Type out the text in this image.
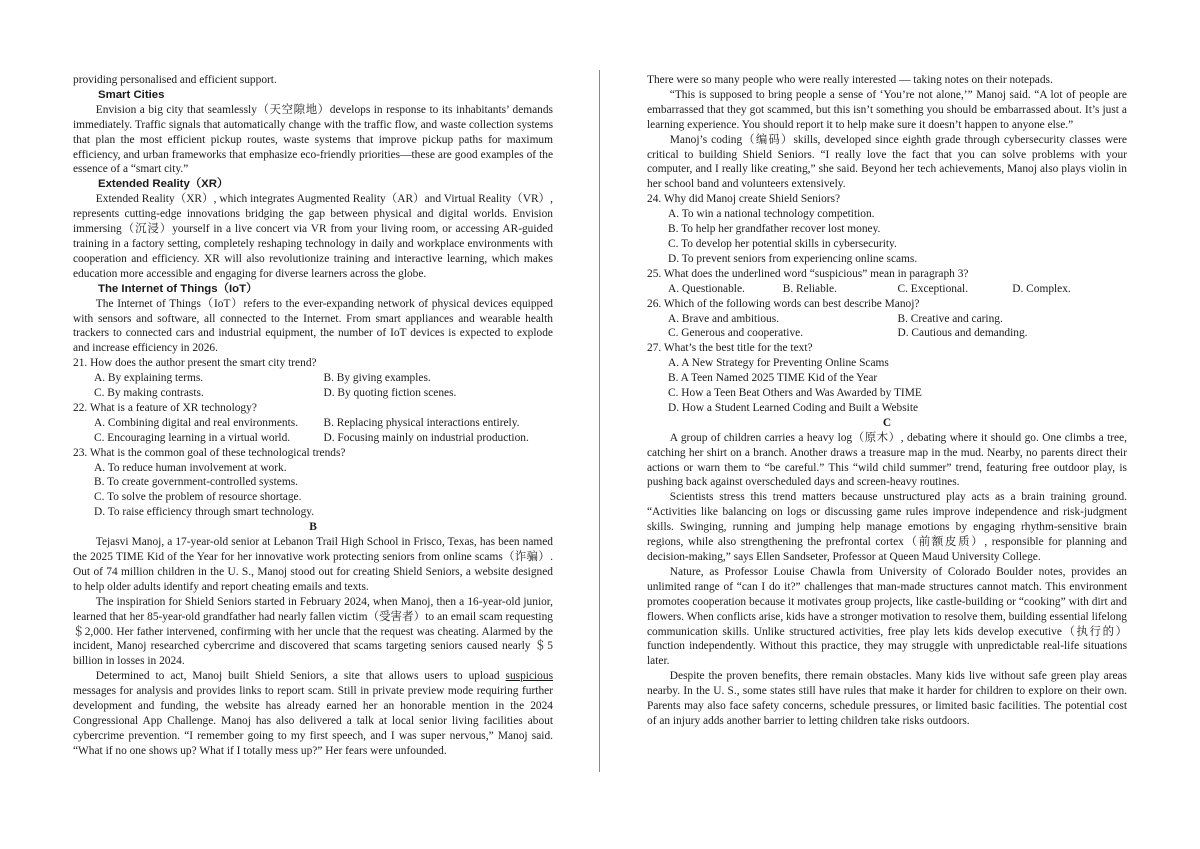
providing personalised and efficient support.

Smart Cities

Envision a big city that seamlessly（天空隙地）develops in response to its inhabitants’ demands immediately. Traffic signals that automatically change with the traffic flow, and waste collection systems that plan the most efficient pickup routes, waste systems that improve pickup paths for maximum efficiency, and urban frameworks that emphasize eco-friendly priorities—these are good examples of the essence of a “smart city.”

Extended Reality（XR）

Extended Reality（XR）, which integrates Augmented Reality（AR）and Virtual Reality（VR）, represents cutting-edge innovations bridging the gap between physical and digital worlds. Envision immersing（沉浸）yourself in a live concert via VR from your living room, or accessing AR-guided training in a factory setting, completely reshaping technology in daily and workplace environments with cooperation and efficiency. XR will also revolutionize training and interactive learning, which makes education more accessible and engaging for diverse learners across the globe.

The Internet of Things（IoT）

The Internet of Things（IoT）refers to the ever-expanding network of physical devices equipped with sensors and software, all connected to the Internet. From smart appliances and wearable health trackers to connected cars and industrial equipment, the number of IoT devices is expected to explode and increase efficiency in 2026.

21. How does the author present the smart city trend?

A. By explaining terms.	B. By giving examples.
C. By making contrasts.	D. By quoting fiction scenes.

22. What is a feature of XR technology?

A. Combining digital and real environments.	B. Replacing physical interactions entirely.
C. Encouraging learning in a virtual world.	D. Focusing mainly on industrial production.

23. What is the common goal of these technological trends?

A. To reduce human involvement at work.

B. To create government-controlled systems.

C. To solve the problem of resource shortage.

D. To raise efficiency through smart technology.

B

Tejasvi Manoj, a 17-year-old senior at Lebanon Trail High School in Frisco, Texas, has been named the 2025 TIME Kid of the Year for her innovative work protecting seniors from online scams（诈骗）. Out of 74 million children in the U. S., Manoj stood out for creating Shield Seniors, a website designed to help older adults identify and report cheating emails and texts.

The inspiration for Shield Seniors started in February 2024, when Manoj, then a 16-year-old junior, learned that her 85-year-old grandfather had nearly fallen victim（受害者）to an email scam requesting ＄2,000. Her father intervened, confirming with her uncle that the request was cheating. Alarmed by the incident, Manoj researched cybercrime and discovered that scams targeting seniors caused nearly ＄5 billion in losses in 2024.

Determined to act, Manoj built Shield Seniors, a site that allows users to upload suspicious messages for analysis and provides links to report scam. Still in private preview mode requiring further development and funding, the website has already earned her an honorable mention in the 2024 Congressional App Challenge. Manoj has also delivered a talk at local senior living facilities about cybercrime prevention. “I remember going to my first speech, and I was super nervous,” Manoj said. “What if no one shows up? What if I totally mess up?” Her fears were unfounded.

There were so many people who were really interested — taking notes on their notepads.

“This is supposed to bring people a sense of ‘You’re not alone,’” Manoj said. “A lot of people are embarrassed that they got scammed, but this isn’t something you should be embarrassed about. It’s just a learning experience. You should report it to help make sure it doesn’t happen to anyone else.”

Manoj’s coding（编码）skills, developed since eighth grade through cybersecurity classes were critical to building Shield Seniors. “I really love the fact that you can solve problems with your computer, and I really like creating,” she said. Beyond her tech achievements, Manoj also plays violin in her school band and volunteers extensively.

24. Why did Manoj create Shield Seniors?

A. To win a national technology competition.

B. To help her grandfather recover lost money.

C. To develop her potential skills in cybersecurity.

D. To prevent seniors from experiencing online scams.

25. What does the underlined word “suspicious” mean in paragraph 3?

A. Questionable.	B. Reliable.	C. Exceptional.	D. Complex.

26. Which of the following words can best describe Manoj?

A. Brave and ambitious.	B. Creative and caring.
C. Generous and cooperative.	D. Cautious and demanding.

27. What’s the best title for the text?

A. A New Strategy for Preventing Online Scams

B. A Teen Named 2025 TIME Kid of the Year

C. How a Teen Beat Others and Was Awarded by TIME

D. How a Student Learned Coding and Built a Website

C

A group of children carries a heavy log（原木）, debating where it should go. One climbs a tree, catching her shirt on a branch. Another draws a treasure map in the mud. Nearby, no parents direct their actions or warn them to “be careful.” This “wild child summer” trend, featuring free outdoor play, is pushing back against overscheduled days and screen-heavy routines.

Scientists stress this trend matters because unstructured play acts as a brain training ground. “Activities like balancing on logs or discussing game rules improve independence and risk-judgment skills. Swinging, running and jumping help manage emotions by engaging rhythm-sensitive brain regions, while also strengthening the prefrontal cortex（前额皮质）, responsible for planning and decision-making,” says Ellen Sandseter, Professor at Queen Maud University College.

Nature, as Professor Louise Chawla from University of Colorado Boulder notes, provides an unlimited range of “can I do it?” challenges that man-made structures cannot match. This environment promotes cooperation because it motivates group projects, like castle-building or “cooking” with dirt and flowers. When conflicts arise, kids have a stronger motivation to resolve them, building essential lifelong communication skills. Unlike structured activities, free play lets kids develop executive（执行的）function independently. Without this practice, they may struggle with unpredictable real-life situations later.

Despite the proven benefits, there remain obstacles. Many kids live without safe green play areas nearby. In the U. S., some states still have rules that make it harder for children to explore on their own. Parents may also face safety concerns, schedule pressures, or limited basic facilities. The potential cost of an injury adds another barrier to letting children take risks outdoors.
